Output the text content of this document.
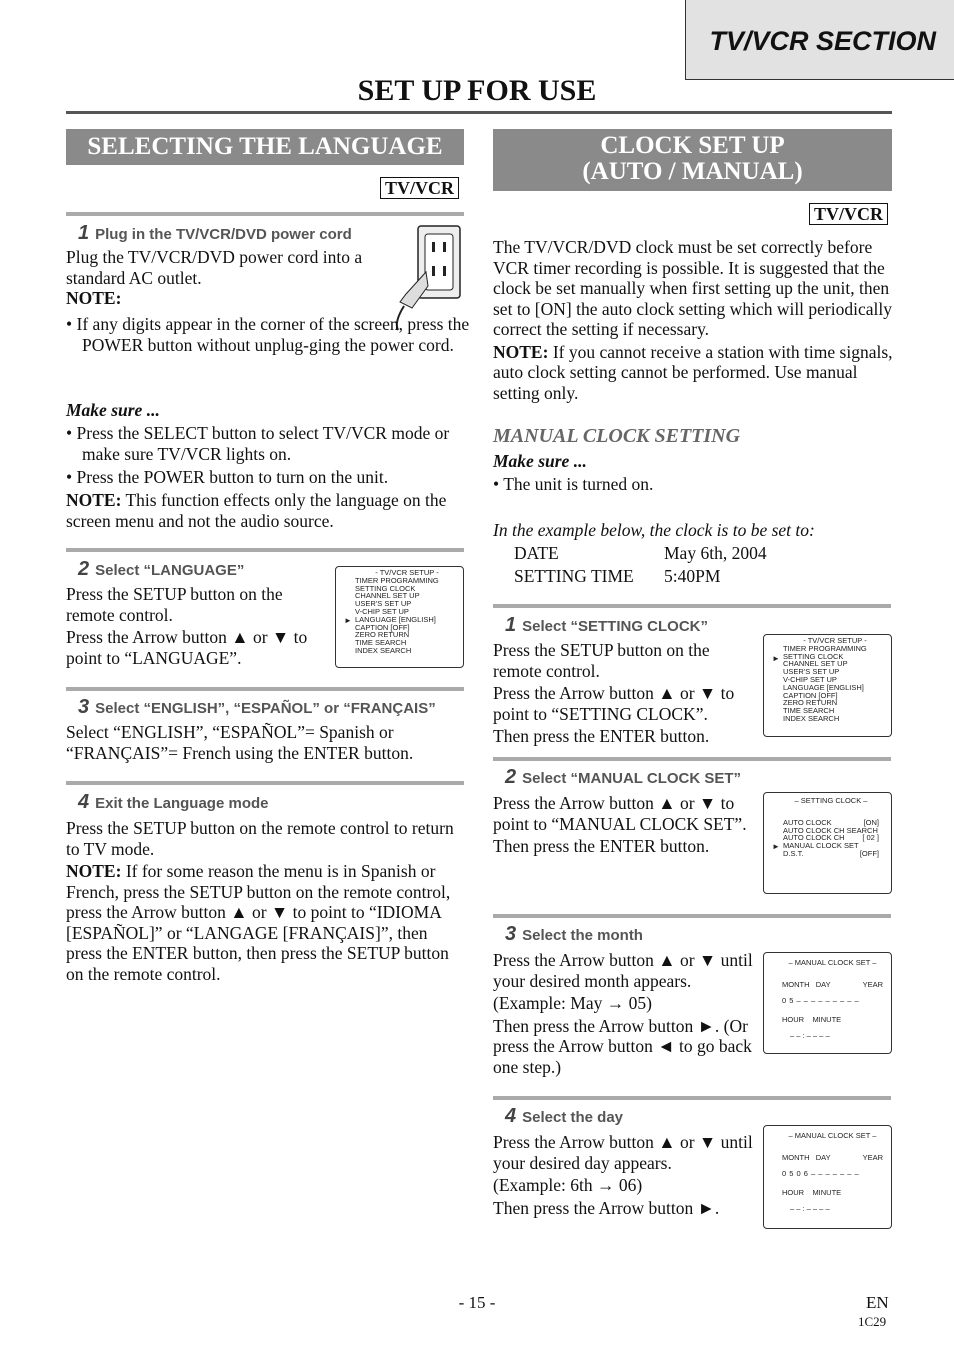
TV/VCR SECTION
SET UP FOR USE
SELECTING THE LANGUAGE
TV/VCR
1 Plug in the TV/VCR/DVD power cord

Plug the TV/VCR/DVD power cord into a standard AC outlet.

NOTE:

• If any digits appear in the corner of the screen, press the POWER button without unplug-ging the power cord.
Make sure ...
• Press the SELECT button to select TV/VCR mode or make sure TV/VCR lights on.
• Press the POWER button to turn on the unit.
NOTE: This function effects only the language on the screen menu and not the audio source.
2 Select “LANGUAGE”

Press the SETUP button on the remote control.

Press the Arrow button ▲ or ▼ to point to “LANGUAGE”.

- TV/VCR SETUP -
TIMER PROGRAMMING
SETTING CLOCK
CHANNEL SET UP
USER'S SET UP
V-CHIP SET UP
LANGUAGE [ENGLISH]
CAPTION [OFF]
ZERO RETURN
TIME SEARCH
INDEX SEARCH
►
3 Select “ENGLISH”, “ESPAÑOL” or “FRANÇAIS”
Select “ENGLISH”, “ESPAÑOL”= Spanish or “FRANÇAIS”= French using the ENTER button.
4 Exit the Language mode

Press the SETUP button on the remote control to return to TV mode.

NOTE: If for some reason the menu is in Spanish or French, press the SETUP button on the remote control, press the Arrow button ▲ or ▼ to point to “IDIOMA [ESPAÑOL]” or “LANGAGE [FRANÇAIS]”, then press the ENTER button, then press the SETUP button on the remote control.

CLOCK SET UP
(AUTO / MANUAL)
TV/VCR

The TV/VCR/DVD clock must be set correctly before VCR timer recording is possible. It is suggested that the clock be set manually when first setting up the unit, then set to [ON] the auto clock setting which will periodically correct the setting if necessary.

NOTE: If you cannot receive a station with time signals, auto clock setting cannot be performed. Use manual setting only.

MANUAL CLOCK SETTING
Make sure ...
• The unit is turned on.
In the example below, the clock is to be set to:
DATE	May 6th, 2004
SETTING TIME 5:40PM
1 Select “SETTING CLOCK”

Press the SETUP button on the remote control.

Press the Arrow button ▲ or ▼ to point to “SETTING CLOCK”.

Then press the ENTER button.

- TV/VCR SETUP -
TIMER PROGRAMMING
SETTING CLOCK
CHANNEL SET UP
USER'S SET UP
V-CHIP SET UP
LANGUAGE [ENGLISH]
CAPTION [OFF]
ZERO RETURN
TIME SEARCH
INDEX SEARCH
►
2 Select “MANUAL CLOCK SET”

Press the Arrow button ▲ or ▼ to point to “MANUAL CLOCK SET”.

Then press the ENTER button.

– SETTING CLOCK –
AUTO CLOCK	[ON]
AUTO CLOCK CH SEARCH
AUTO CLOCK CH [ 02 ]
MANUAL CLOCK SET
D.S.T.	[OFF]
►
3 Select the month

Press the Arrow button ▲ or ▼ until your desired month appears.

(Example: May → 05)

Then press the Arrow button ►. (Or press the Arrow button ◄ to go back one step.)

– MANUAL CLOCK SET –
MONTH DAY	YEAR
0 5 – – – – – – – – –
HOUR MINUTE
– – : – – – –
4 Select the day

Press the Arrow button ▲ or ▼ until your desired day appears.

(Example: 6th → 06)

Then press the Arrow button ►.

– MANUAL CLOCK SET –
MONTH DAY	YEAR
0 5 0 6 – – – – – – –
HOUR MINUTE
– – : – – – –
- 15 -	EN
1C29
